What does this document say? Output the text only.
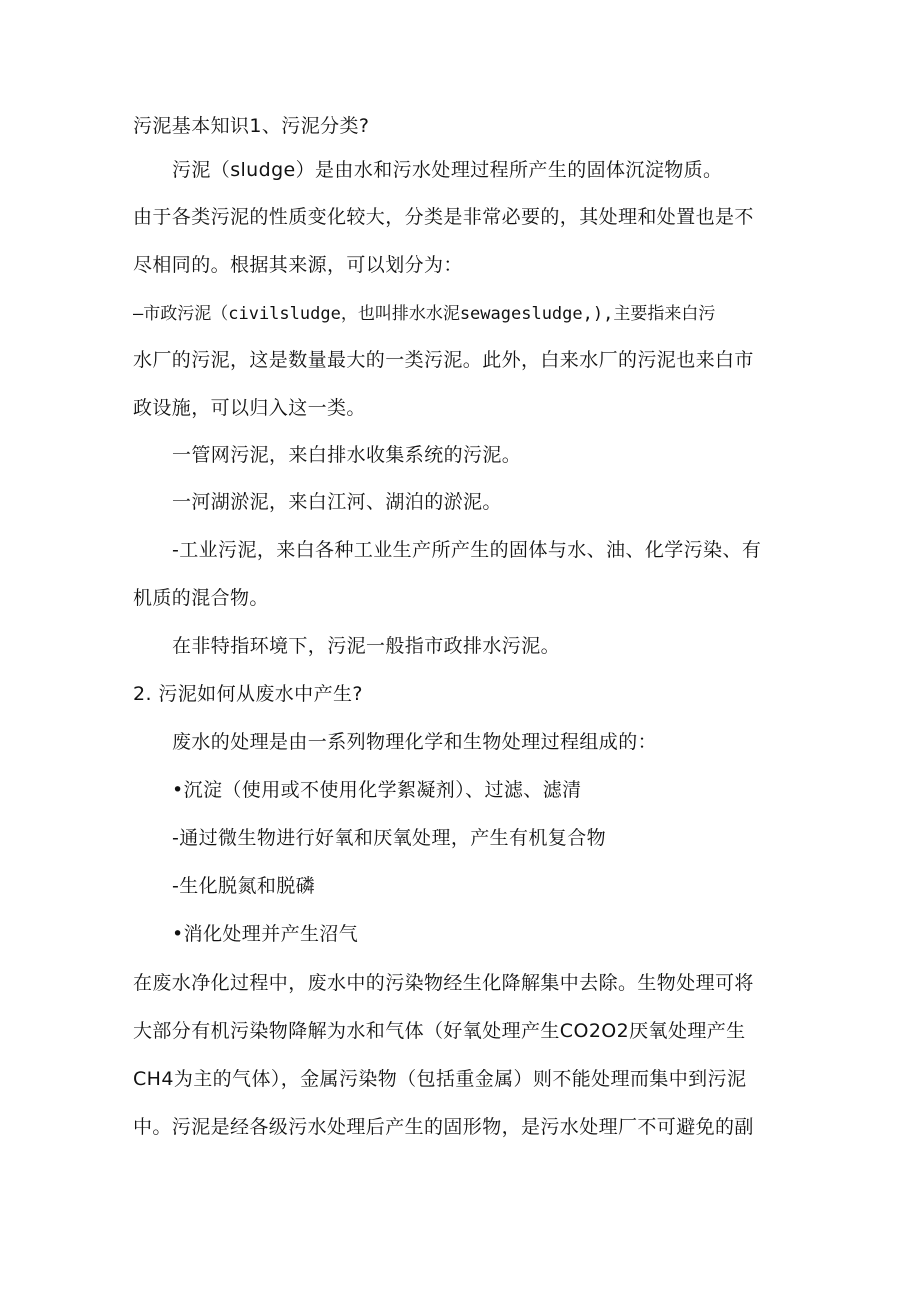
污泥基本知识1、污泥分类?
污泥（sludge）是由水和污水处理过程所产生的固体沉淀物质。
由于各类污泥的性质变化较大，分类是非常必要的，其处理和处置也是不
尽相同的。根据其来源，可以划分为：
—市政污泥（civilsludge，也叫排水水泥sewagesludge,),主要指来白污
水厂的污泥，这是数量最大的一类污泥。此外，白来水厂的污泥也来白市
政设施，可以归入这一类。
一管网污泥，来白排水收集系统的污泥。
一河湖淤泥，来白江河、湖泊的淤泥。
-工业污泥，来白各种工业生产所产生的固体与水、油、化学污染、有
机质的混合物。
在非特指环境下，污泥一般指市政排水污泥。
2. 污泥如何从废水中产生?
废水的处理是由一系列物理化学和生物处理过程组成的：
•沉淀（使用或不使用化学絮凝剂）、过滤、滤清
-通过微生物进行好氧和厌氧处理，产生有机复合物
-生化脱氮和脱磷
•消化处理并产生沼气
在废水净化过程中，废水中的污染物经生化降解集中去除。生物处理可将
大部分有机污染物降解为水和气体（好氧处理产生CO2O2厌氧处理产生
CH4为主的气体），金属污染物（包括重金属）则不能处理而集中到污泥
中。污泥是经各级污水处理后产生的固形物，是污水处理厂不可避免的副
